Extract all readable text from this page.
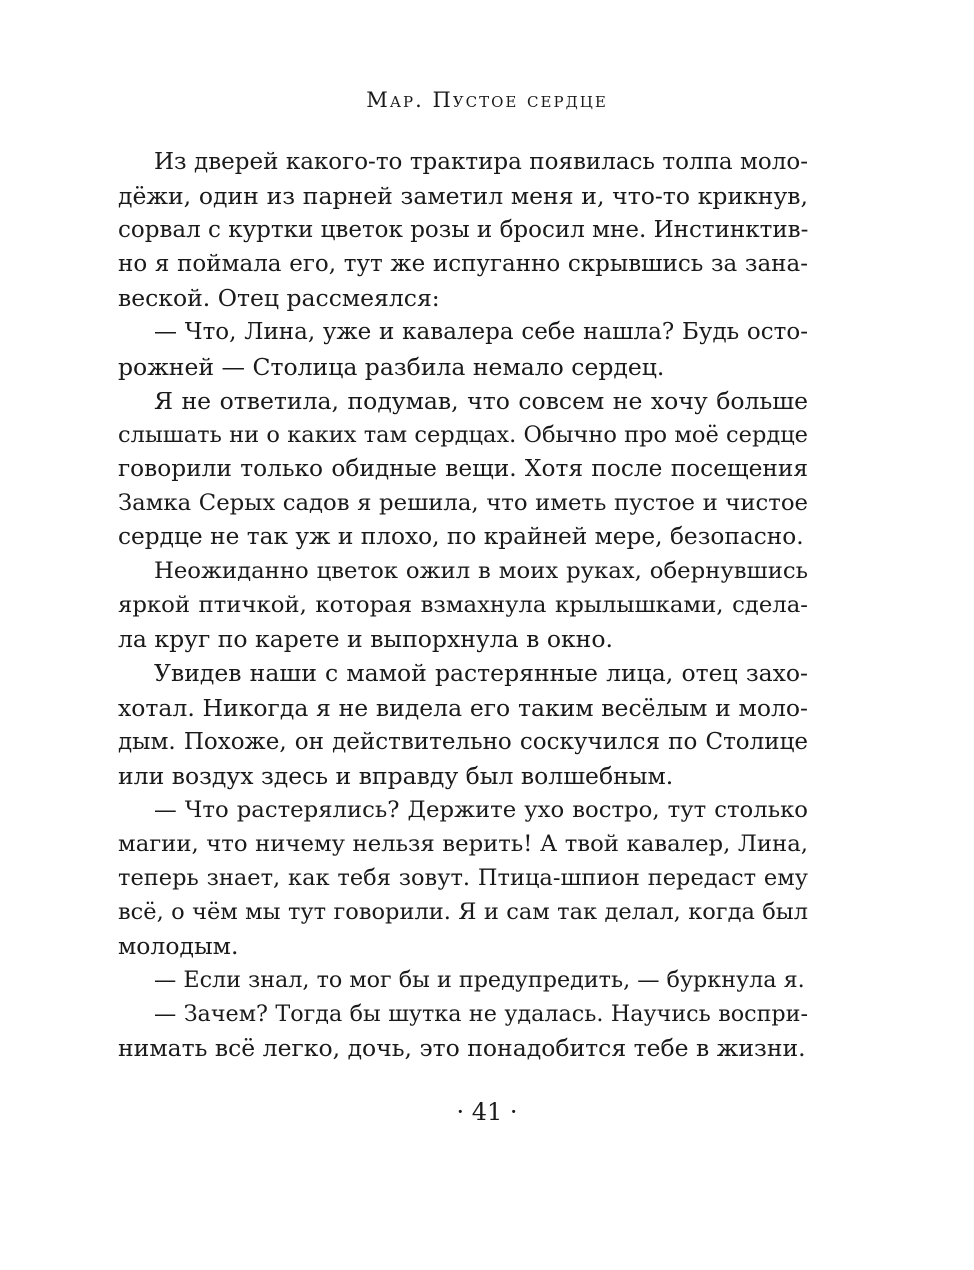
Мар. Пустое сердце
Из дверей какого-то трактира появилась толпа моло-
дёжи, один из парней заметил меня и, что-то крикнув,
сорвал с куртки цветок розы и бросил мне. Инстинктив-
но я поймала его, тут же испуганно скрывшись за зана-
веской. Отец рассмеялся:
— Что, Лина, уже и кавалера себе нашла? Будь осто-
рожней — Столица разбила немало сердец.
Я не ответила, подумав, что совсем не хочу больше
слышать ни о каких там сердцах. Обычно про моё сердце
говорили только обидные вещи. Хотя после посещения
Замка Серых садов я решила, что иметь пустое и чистое
сердце не так уж и плохо, по крайней мере, безопасно.
Неожиданно цветок ожил в моих руках, обернувшись
яркой птичкой, которая взмахнула крылышками, сдела-
ла круг по карете и выпорхнула в окно.
Увидев наши с мамой растерянные лица, отец захо-
хотал. Никогда я не видела его таким весёлым и моло-
дым. Похоже, он действительно соскучился по Столице
или воздух здесь и вправду был волшебным.
— Что растерялись? Держите ухо востро, тут столько
магии, что ничему нельзя верить! А твой кавалер, Лина,
теперь знает, как тебя зовут. Птица-шпион передаст ему
всё, о чём мы тут говорили. Я и сам так делал, когда был
молодым.
— Если знал, то мог бы и предупредить, — буркнула я.
— Зачем? Тогда бы шутка не удалась. Научись воспри-
нимать всё легко, дочь, это понадобится тебе в жизни.
· 41 ·
